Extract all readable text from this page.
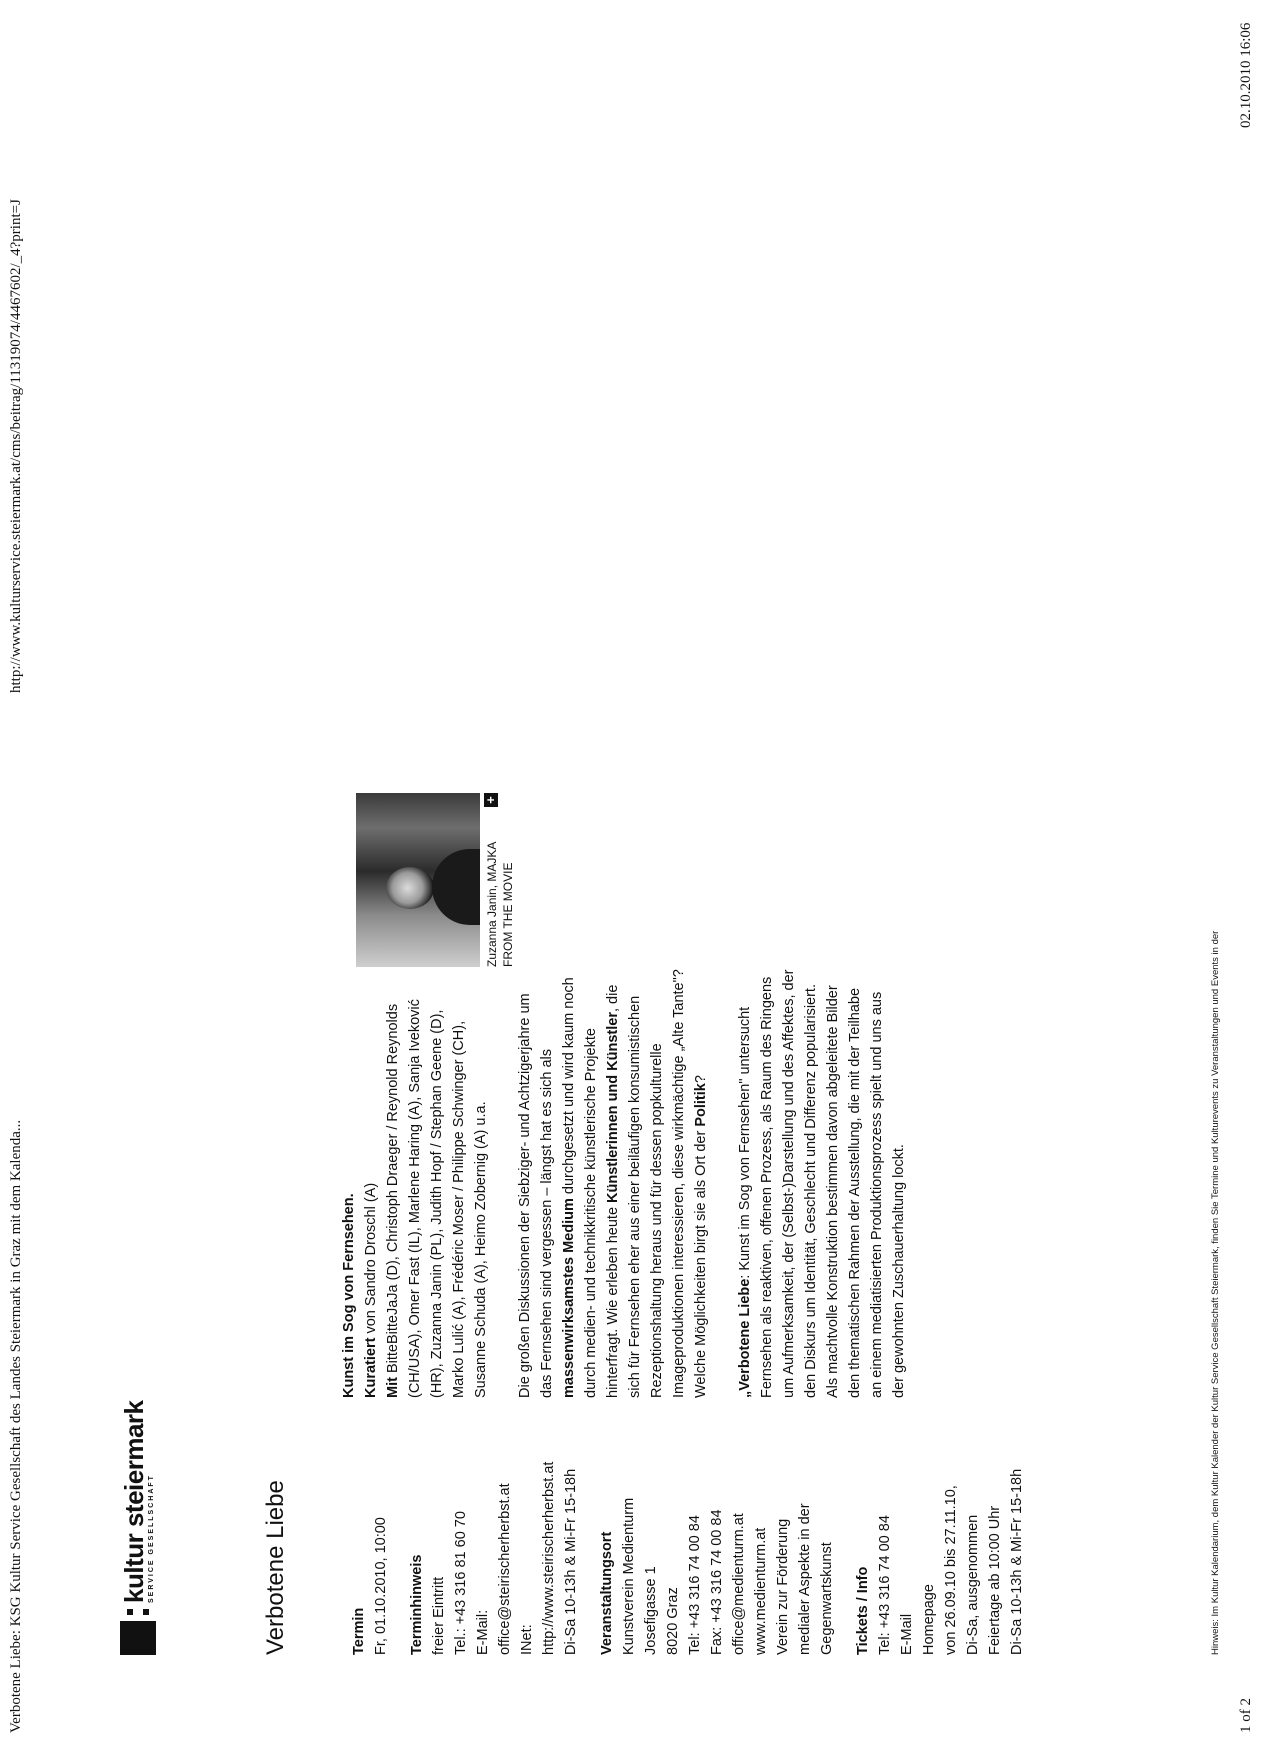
Verbotene Liebe: KSG Kultur Service Gesellschaft des Landes Steiermark in Graz mit dem Kalenda...
http://www.kulturservice.steiermark.at/cms/beitrag/11319074/4467602/_4?print=J
kultur steiermark SERVICE GESELLSCHAFT	Verbotene Liebe	Termin Fr, 01.10.2010, 10:00 Terminhinweis freier Eintritt Tel.: +43 316 81 60 70 E-Mail: office@steirischerherbst.at INet: http://www.steirischerherbst.at Di-Sa 10-13h & Mi-Fr 15-18h Veranstaltungsort Kunstverein Medienturm Josefigasse 1 8020 Graz Tel: +43 316 74 00 84 Fax: +43 316 74 00 84 office@medienturm.at www.medienturm.at Verein zur Förderung medialer Aspekte in der Gegenwartskunst Tickets / Info Tel: +43 316 74 00 84 E-Mail Homepage von 26.09.10 bis 27.11.10, Di-Sa, ausgenommen Feiertage ab 10:00 Uhr Di-Sa 10-13h & Mi-Fr 15-18h
Kunst im Sog von Fernsehen. Kuratiert von Sandro Droschl (A)
Mit BitteBitteJaJa (D), Christoph Draeger / Reynold Reynolds (CH/USA), Omer Fast (IL), Marlene Haring (A), Sanja Iveković (HR), Zuzanna Janin (PL), Judith Hopf / Stephan Geene (D), Marko Lulić (A), Frédéric Moser / Philippe Schwinger (CH), Susanne Schuda (A), Heimo Zobernig (A) u.a. Die großen Diskussionen der Siebziger- und Achtzigerjahre um das Fernsehen sind vergessen – längst hat es sich als massenwirksamstes Medium durchgesetzt und wird kaum noch durch medien- und technikkritische künstlerische Projekte hinterfragt. Wie erleben heute Künstlerinnen und Künstler, die sich für Fernsehen eher aus einer beiläufigen konsumistischen Rezeptionshaltung heraus und für dessen popkulturelle Imageproduktionen interessieren, diese wirkmächtige „Alte Tante"? Welche Möglichkeiten birgt sie als Ort der Politik?
„Verbotene Liebe: Kunst im Sog von Fernsehen" untersucht Fernsehen als reaktiven, offenen Prozess, als Raum des Ringens um Aufmerksamkeit, der (Selbst-)Darstellung und des Affektes, der den Diskurs um Identität, Geschlecht und Differenz popularisiert. Als machtvolle Konstruktion bestimmen davon abgeleitete Bilder den thematischen Rahmen der Ausstellung, die mit der Teilhabe an einem mediatisierten Produktionsprozess spielt und uns aus der gewohnten Zuschauerhaltung lockt.
Zuzanna Janin, MAJKA FROM THE MOVIE
+
Hinweis: Im Kultur Kalendarium, dem Kultur Kalender der Kultur Service Gesellschaft Steiermark, finden Sie Termine und Kulturevents zu Veranstaltungen und Events in der
1 of 2
02.10.2010 16:06
